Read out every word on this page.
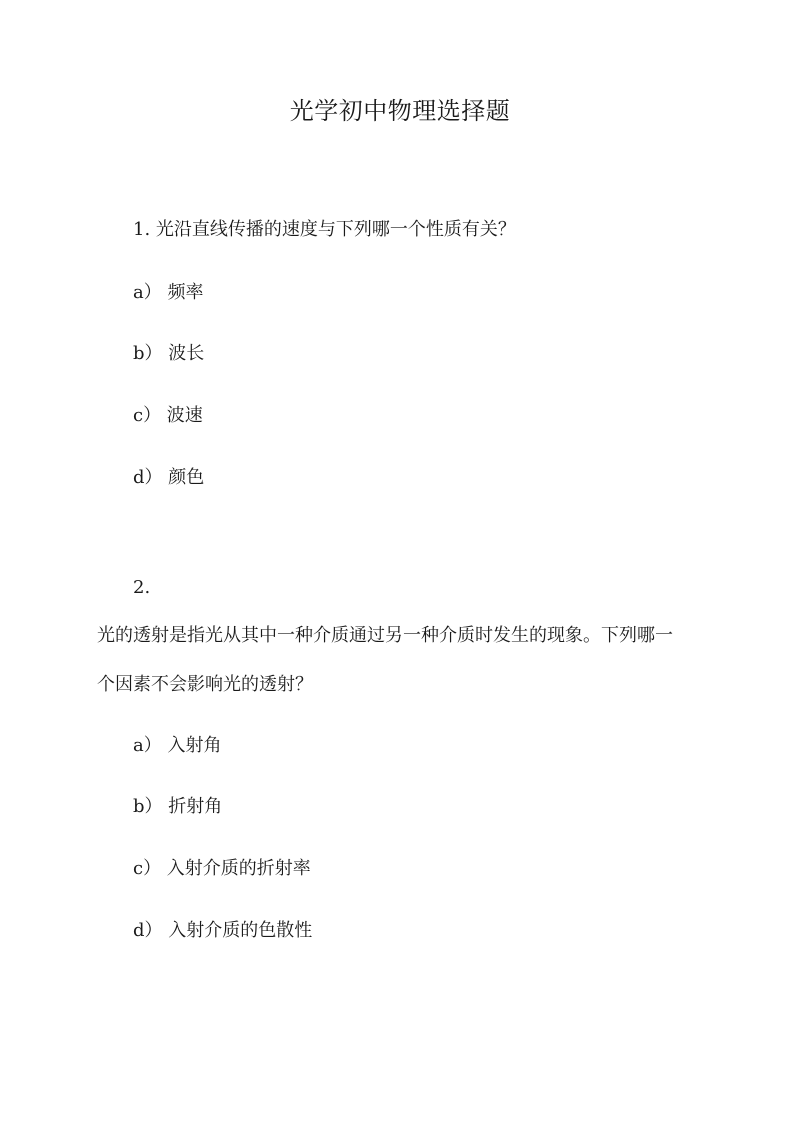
光学初中物理选择题
1. 光沿直线传播的速度与下列哪一个性质有关？
a） 频率
b） 波长
c） 波速
d） 颜色
2.
光的透射是指光从其中一种介质通过另一种介质时发生的现象。下列哪一
个因素不会影响光的透射？
a） 入射角
b） 折射角
c） 入射介质的折射率
d） 入射介质的色散性
